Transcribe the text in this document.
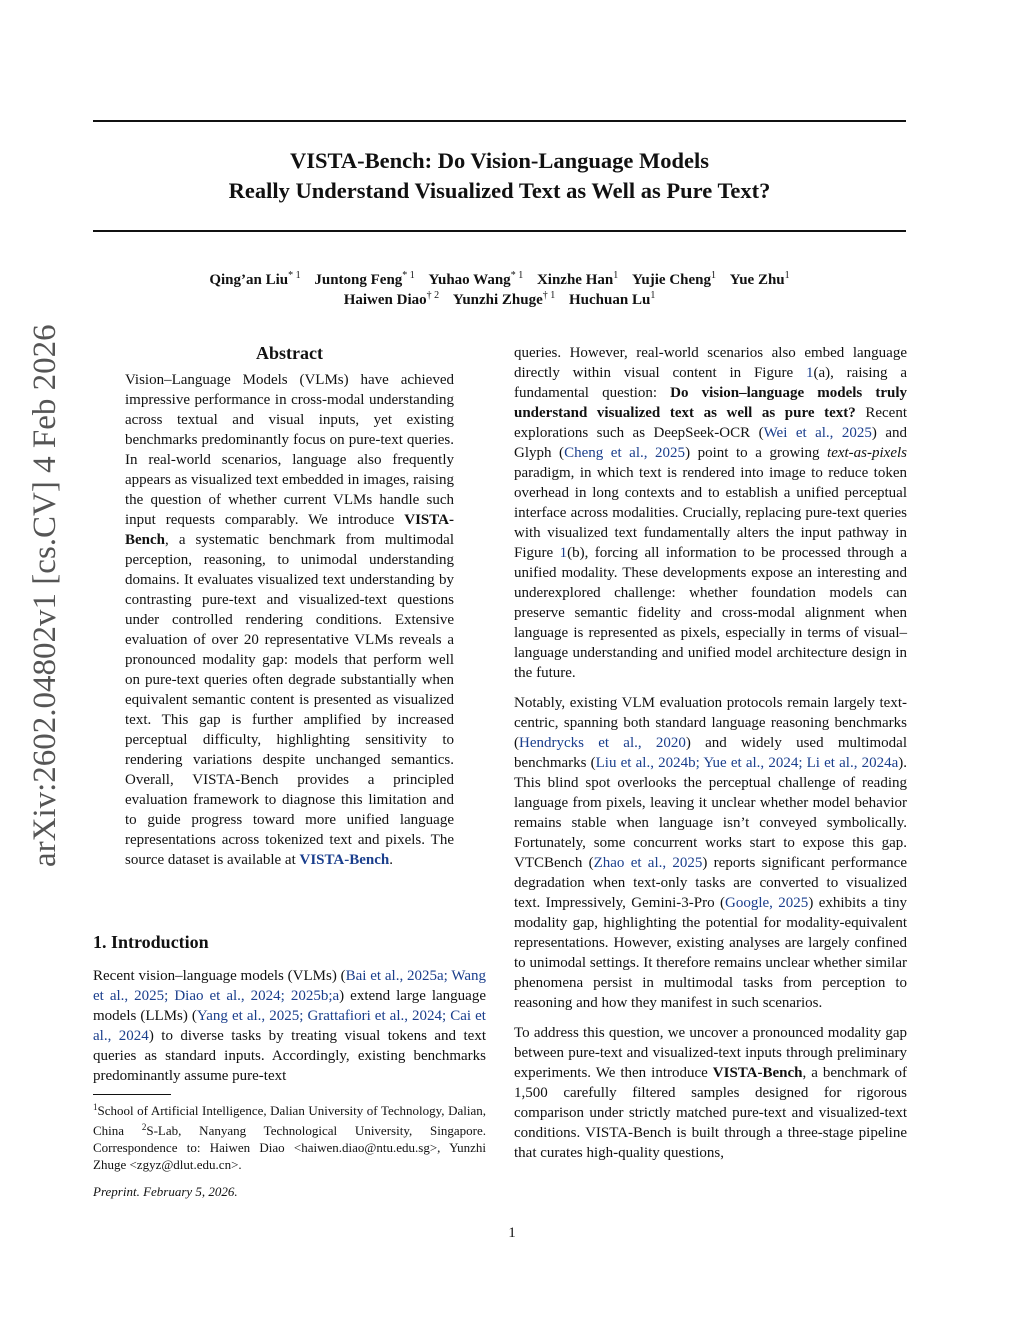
arXiv:2602.04802v1 [cs.CV] 4 Feb 2026
VISTA-Bench: Do Vision-Language Models
Really Understand Visualized Text as Well as Pure Text?
Qing’an Liu$^{* 1}$ Juntong Feng$^{* 1}$ Yuhao Wang$^{* 1}$ Xinzhe Han$^1$ Yujie Cheng$^1$ Yue Zhu$^1$
Haiwen Diao$^{\dagger 2}$ Yunzhi Zhuge$^{\dagger 1}$ Huchuan Lu$^1$
Abstract

Vision–Language Models (VLMs) have achieved impressive performance in cross-modal understanding across textual and visual inputs, yet existing benchmarks predominantly focus on pure-text queries. In real-world scenarios, language also frequently appears as visualized text embedded in images, raising the question of whether current VLMs handle such input requests comparably. We introduce VISTA-Bench, a systematic benchmark from multimodal perception, reasoning, to unimodal understanding domains. It evaluates visualized text understanding by contrasting pure-text and visualized-text questions under controlled rendering conditions. Extensive evaluation of over 20 representative VLMs reveals a pronounced modality gap: models that perform well on pure-text queries often degrade substantially when equivalent semantic content is presented as visualized text. This gap is further amplified by increased perceptual difficulty, highlighting sensitivity to rendering variations despite unchanged semantics. Overall, VISTA-Bench provides a principled evaluation framework to diagnose this limitation and to guide progress toward more unified language representations across tokenized text and pixels. The source dataset is available at VISTA-Bench.

1. Introduction

Recent vision–language models (VLMs) (Bai et al., 2025a; Wang et al., 2025; Diao et al., 2024; 2025b;a) extend large language models (LLMs) (Yang et al., 2025; Grattafiori et al., 2024; Cai et al., 2024) to diverse tasks by treating visual tokens and text queries as standard inputs. Accordingly, existing benchmarks predominantly assume pure-text

$^1$School of Artificial Intelligence, Dalian University of Technology, Dalian, China $^2$S-Lab, Nanyang Technological University, Singapore. Correspondence to: Haiwen Diao <haiwen.diao@ntu.edu.sg>, Yunzhi Zhuge <zgyz@dlut.edu.cn>.
Preprint. February 5, 2026.

queries. However, real-world scenarios also embed language directly within visual content in Figure 1(a), raising a fundamental question: Do vision–language models truly understand visualized text as well as pure text? Recent explorations such as DeepSeek-OCR (Wei et al., 2025) and Glyph (Cheng et al., 2025) point to a growing text-as-pixels paradigm, in which text is rendered into image to reduce token overhead in long contexts and to establish a unified perceptual interface across modalities. Crucially, replacing pure-text queries with visualized text fundamentally alters the input pathway in Figure 1(b), forcing all information to be processed through a unified modality. These developments expose an interesting and underexplored challenge: whether foundation models can preserve semantic fidelity and cross-modal alignment when language is represented as pixels, especially in terms of visual–language understanding and unified model architecture design in the future.

Notably, existing VLM evaluation protocols remain largely text-centric, spanning both standard language reasoning benchmarks (Hendrycks et al., 2020) and widely used multimodal benchmarks (Liu et al., 2024b; Yue et al., 2024; Li et al., 2024a). This blind spot overlooks the perceptual challenge of reading language from pixels, leaving it unclear whether model behavior remains stable when language isn’t conveyed symbolically. Fortunately, some concurrent works start to expose this gap. VTCBench (Zhao et al., 2025) reports significant performance degradation when text-only tasks are converted to visualized text. Impressively, Gemini-3-Pro (Google, 2025) exhibits a tiny modality gap, highlighting the potential for modality-equivalent representations. However, existing analyses are largely confined to unimodal settings. It therefore remains unclear whether similar phenomena persist in multimodal tasks from perception to reasoning and how they manifest in such scenarios.

To address this question, we uncover a pronounced modality gap between pure-text and visualized-text inputs through preliminary experiments. We then introduce VISTA-Bench, a benchmark of 1,500 carefully filtered samples designed for rigorous comparison under strictly matched pure-text and visualized-text conditions. VISTA-Bench is built through a three-stage pipeline that curates high-quality questions,

1
